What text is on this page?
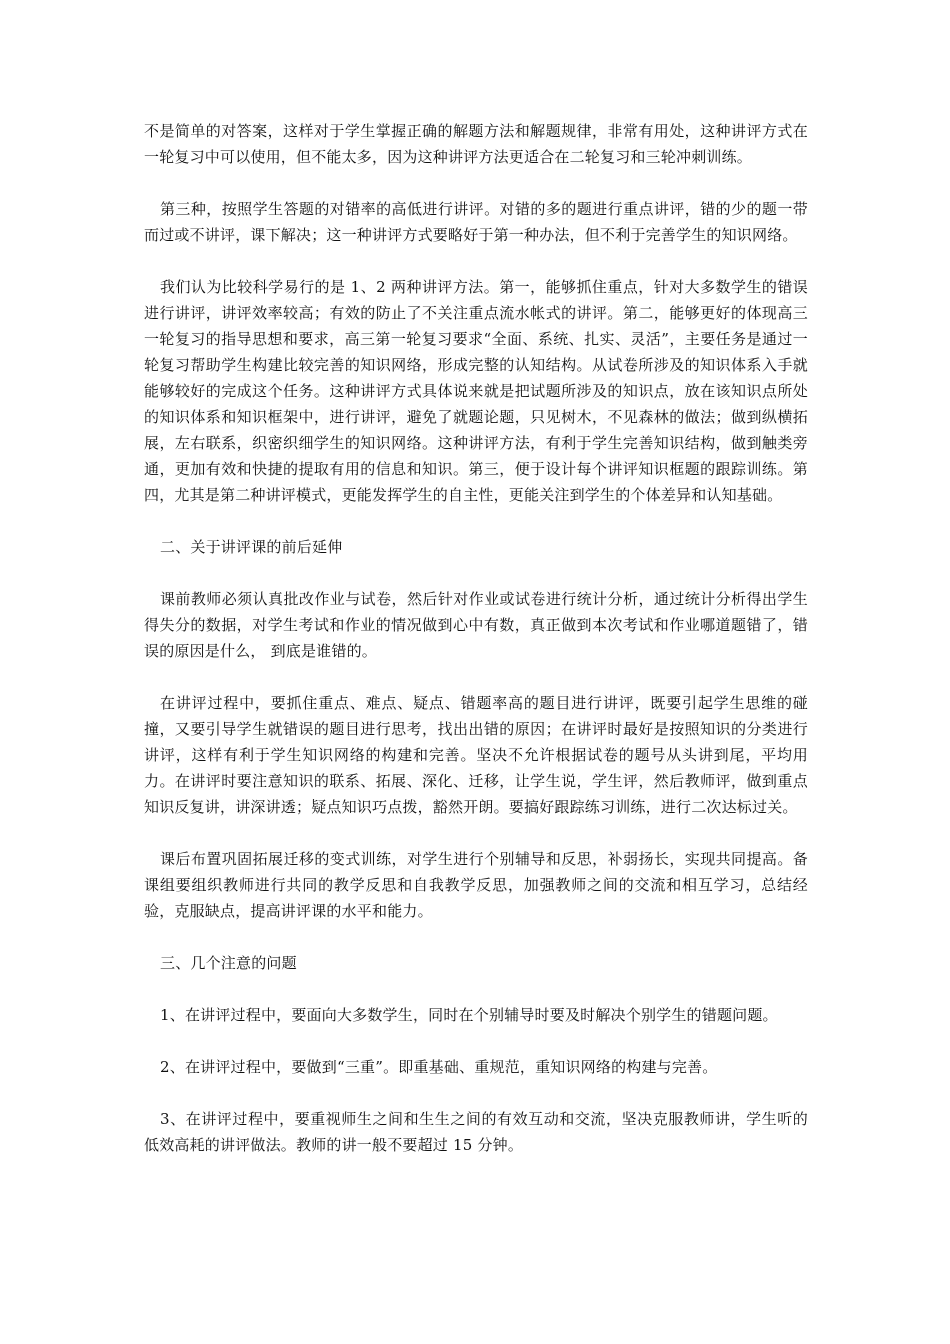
不是简单的对答案，这样对于学生掌握正确的解题方法和解题规律，非常有用处，这种讲评方式在一轮复习中可以使用，但不能太多，因为这种讲评方法更适合在二轮复习和三轮冲刺训练。

第三种，按照学生答题的对错率的高低进行讲评。对错的多的题进行重点讲评，错的少的题一带而过或不讲评，课下解决；这一种讲评方式要略好于第一种办法，但不利于完善学生的知识网络。

我们认为比较科学易行的是 1、2 两种讲评方法。第一，能够抓住重点，针对大多数学生的错误进行讲评，讲评效率较高；有效的防止了不关注重点流水帐式的讲评。第二，能够更好的体现高三一轮复习的指导思想和要求，高三第一轮复习要求“全面、系统、扎实、灵活”，主要任务是通过一轮复习帮助学生构建比较完善的知识网络，形成完整的认知结构。从试卷所涉及的知识体系入手就能够较好的完成这个任务。这种讲评方式具体说来就是把试题所涉及的知识点，放在该知识点所处的知识体系和知识框架中，进行讲评，避免了就题论题，只见树木，不见森林的做法；做到纵横拓展，左右联系，织密织细学生的知识网络。这种讲评方法，有利于学生完善知识结构，做到触类旁通，更加有效和快捷的提取有用的信息和知识。第三，便于设计每个讲评知识框题的跟踪训练。第四，尤其是第二种讲评模式，更能发挥学生的自主性，更能关注到学生的个体差异和认知基础。

二、关于讲评课的前后延伸

课前教师必须认真批改作业与试卷，然后针对作业或试卷进行统计分析，通过统计分析得出学生得失分的数据，对学生考试和作业的情况做到心中有数，真正做到本次考试和作业哪道题错了，错误的原因是什么， 到底是谁错的。

在讲评过程中，要抓住重点、难点、疑点、错题率高的题目进行讲评，既要引起学生思维的碰撞，又要引导学生就错误的题目进行思考，找出出错的原因；在讲评时最好是按照知识的分类进行讲评，这样有利于学生知识网络的构建和完善。坚决不允许根据试卷的题号从头讲到尾，平均用力。在讲评时要注意知识的联系、拓展、深化、迁移，让学生说，学生评，然后教师评，做到重点知识反复讲，讲深讲透；疑点知识巧点拨，豁然开朗。要搞好跟踪练习训练，进行二次达标过关。

课后布置巩固拓展迁移的变式训练，对学生进行个别辅导和反思，补弱扬长，实现共同提高。备课组要组织教师进行共同的教学反思和自我教学反思，加强教师之间的交流和相互学习，总结经验，克服缺点，提高讲评课的水平和能力。

三、几个注意的问题

1、在讲评过程中，要面向大多数学生，同时在个别辅导时要及时解决个别学生的错题问题。

2、在讲评过程中，要做到“三重”。即重基础、重规范，重知识网络的构建与完善。

3、在讲评过程中，要重视师生之间和生生之间的有效互动和交流，坚决克服教师讲，学生听的低效高耗的讲评做法。教师的讲一般不要超过 15 分钟。
